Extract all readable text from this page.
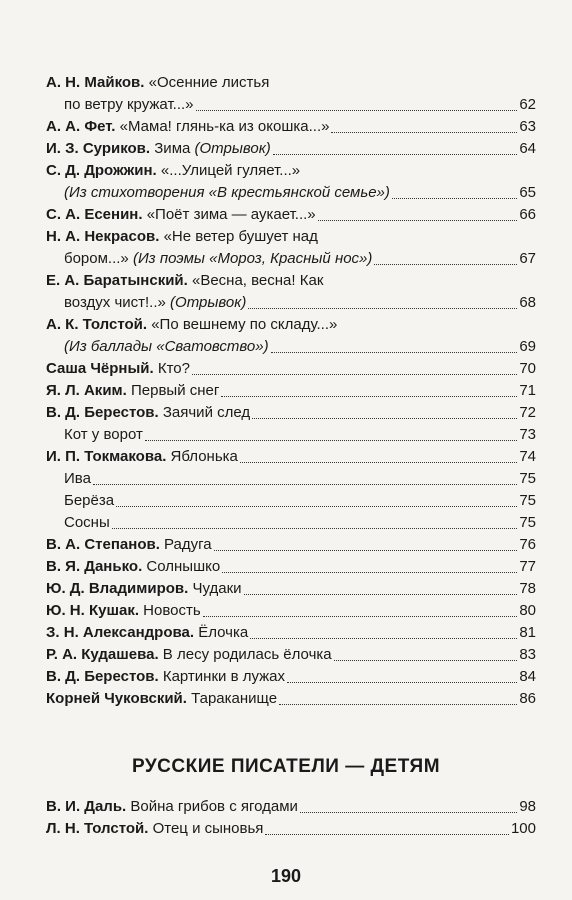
А. Н. Майков. «Осенние листья
по ветру кружат...»	62
А. А. Фет. «Мама! глянь-ка из окошка...»	63
И. З. Суриков. Зима (Отрывок)	64
С. Д. Дрожжин. «...Улицей гуляет...»
(Из стихотворения «В крестьянской семье»)	65
С. А. Есенин. «Поёт зима — аукает...»	66
Н. А. Некрасов. «Не ветер бушует над
бором...» (Из поэмы «Мороз, Красный нос»)	67
Е. А. Баратынский. «Весна, весна! Как
воздух чист!..» (Отрывок)	68
А. К. Толстой. «По вешнему по складу...»
(Из баллады «Сватовство»)	69
Саша Чёрный. Кто?	70
Я. Л. Аким. Первый снег	71
В. Д. Берестов. Заячий след	72
Кот у ворот	73
И. П. Токмакова. Яблонька	74
Ива	75
Берёза	75
Сосны	75
В. А. Степанов. Радуга	76
В. Я. Данько. Солнышко	77
Ю. Д. Владимиров. Чудаки	78
Ю. Н. Кушак. Новость	80
З. Н. Александрова. Ёлочка	81
Р. А. Кудашева. В лесу родилась ёлочка	83
В. Д. Берестов. Картинки в лужах	84
Корней Чуковский. Тараканище	86
РУССКИЕ ПИСАТЕЛИ — ДЕТЯМ
В. И. Даль. Война грибов с ягодами	98
Л. Н. Толстой. Отец и сыновья	100
190
